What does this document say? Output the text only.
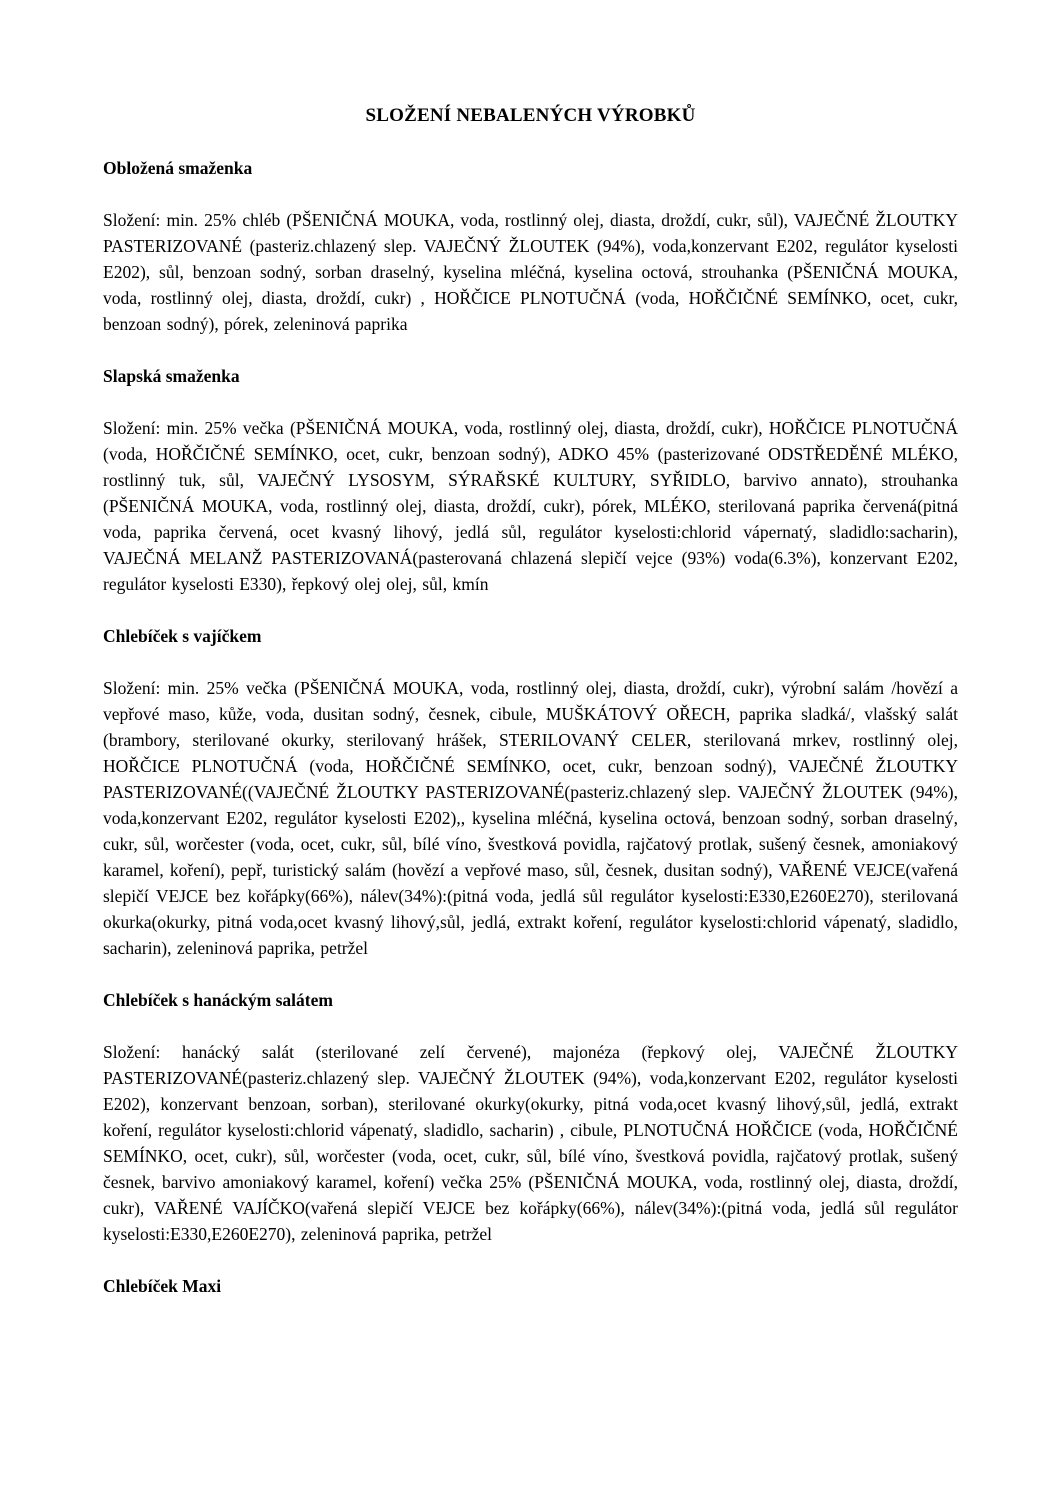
SLOŽENÍ NEBALENÝCH VÝROBKŮ
Obložená smaženka

Složení: min. 25% chléb (PŠENIČNÁ MOUKA, voda, rostlinný olej, diasta, droždí, cukr, sůl), VAJEČNÉ ŽLOUTKY PASTERIZOVANÉ (pasteriz.chlazený slep. VAJEČNÝ ŽLOUTEK (94%), voda,konzervant E202, regulátor kyselosti E202), sůl, benzoan sodný, sorban draselný, kyselina mléčná, kyselina octová, strouhanka (PŠENIČNÁ MOUKA, voda, rostlinný olej, diasta, droždí, cukr) , HOŘČICE PLNOTUČNÁ (voda, HOŘČIČNÉ SEMÍNKO, ocet, cukr, benzoan sodný), pórek, zeleninová paprika

Slapská smaženka

Složení: min. 25% večka (PŠENIČNÁ MOUKA, voda, rostlinný olej, diasta, droždí, cukr), HOŘČICE PLNOTUČNÁ (voda, HOŘČIČNÉ SEMÍNKO, ocet, cukr, benzoan sodný), ADKO 45% (pasterizované ODSTŘEDĚNÉ MLÉKO, rostlinný tuk, sůl, VAJEČNÝ LYSOSYM, SÝRAŘSKÉ KULTURY, SYŘIDLO, barvivo annato), strouhanka (PŠENIČNÁ MOUKA, voda, rostlinný olej, diasta, droždí, cukr), pórek, MLÉKO, sterilovaná paprika červená(pitná voda, paprika červená, ocet kvasný lihový, jedlá sůl, regulátor kyselosti:chlorid vápernatý, sladidlo:sacharin), VAJEČNÁ MELANŽ PASTERIZOVANÁ(pasterovaná chlazená slepičí vejce (93%) voda(6.3%), konzervant E202, regulátor kyselosti E330), řepkový olej olej, sůl, kmín

Chlebíček s vajíčkem

Složení: min. 25% večka (PŠENIČNÁ MOUKA, voda, rostlinný olej, diasta, droždí, cukr), výrobní salám /hovězí a vepřové maso, kůže, voda, dusitan sodný, česnek, cibule, MUŠKÁTOVÝ OŘECH, paprika sladká/, vlašský salát (brambory, sterilované okurky, sterilovaný hrášek, STERILOVANÝ CELER, sterilovaná mrkev, rostlinný olej, HOŘČICE PLNOTUČNÁ (voda, HOŘČIČNÉ SEMÍNKO, ocet, cukr, benzoan sodný), VAJEČNÉ ŽLOUTKY PASTERIZOVANÉ((VAJEČNÉ ŽLOUTKY PASTERIZOVANÉ(pasteriz.chlazený slep. VAJEČNÝ ŽLOUTEK (94%), voda,konzervant E202, regulátor kyselosti E202),, kyselina mléčná, kyselina octová, benzoan sodný, sorban draselný, cukr, sůl, worčester (voda, ocet, cukr, sůl, bílé víno, švestková povidla, rajčatový protlak, sušený česnek, amoniakový karamel, koření), pepř, turistický salám (hovězí a vepřové maso, sůl, česnek, dusitan sodný), VAŘENÉ VEJCE(vařená slepičí VEJCE bez kořápky(66%), nálev(34%):(pitná voda, jedlá sůl regulátor kyselosti:E330,E260E270), sterilovaná okurka(okurky, pitná voda,ocet kvasný lihový,sůl, jedlá, extrakt koření, regulátor kyselosti:chlorid vápenatý, sladidlo, sacharin), zeleninová paprika, petržel

Chlebíček s hanáckým salátem

Složení: hanácký salát (sterilované zelí červené), majonéza (řepkový olej, VAJEČNÉ ŽLOUTKY PASTERIZOVANÉ(pasteriz.chlazený slep. VAJEČNÝ ŽLOUTEK (94%), voda,konzervant E202, regulátor kyselosti E202), konzervant benzoan, sorban), sterilované okurky(okurky, pitná voda,ocet kvasný lihový,sůl, jedlá, extrakt koření, regulátor kyselosti:chlorid vápenatý, sladidlo, sacharin) , cibule, PLNOTUČNÁ HOŘČICE (voda, HOŘČIČNÉ SEMÍNKO, ocet, cukr), sůl, worčester (voda, ocet, cukr, sůl, bílé víno, švestková povidla, rajčatový protlak, sušený česnek, barvivo amoniakový karamel, koření) večka 25% (PŠENIČNÁ MOUKA, voda, rostlinný olej, diasta, droždí, cukr), VAŘENÉ VAJÍČKO(vařená slepičí VEJCE bez kořápky(66%), nálev(34%):(pitná voda, jedlá sůl regulátor kyselosti:E330,E260E270), zeleninová paprika, petržel

Chlebíček Maxi
